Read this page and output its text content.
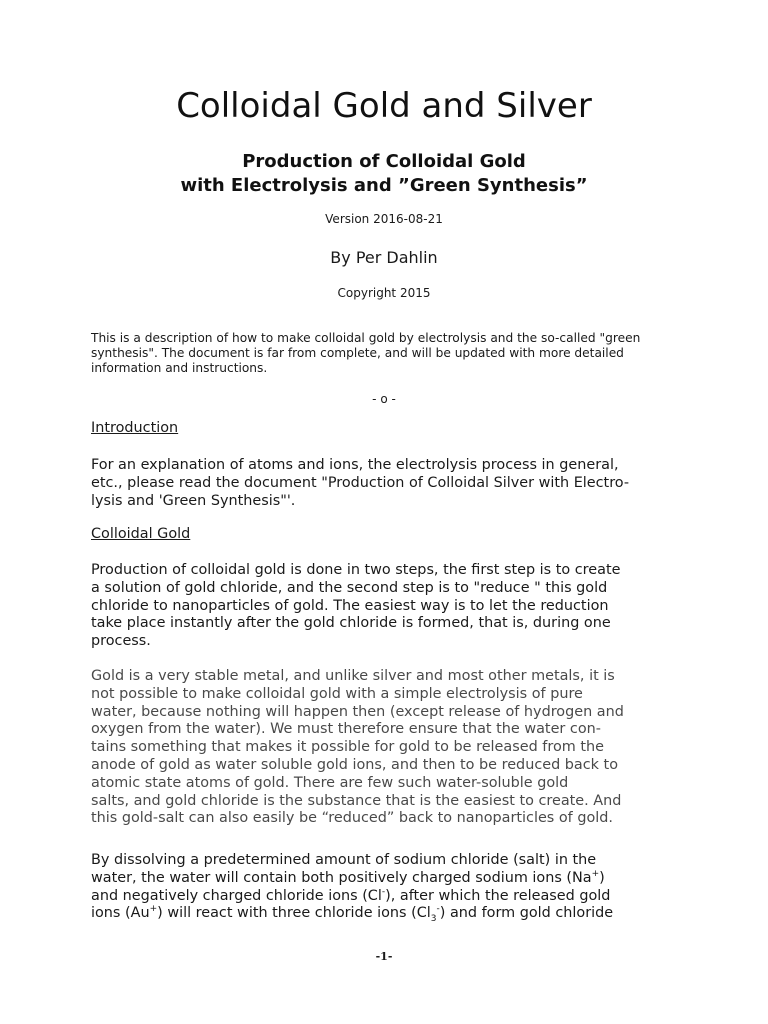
Colloidal Gold and Silver
Production of Colloidal Gold
with Electrolysis and ”Green Synthesis”
Version 2016-08-21
By Per Dahlin
Copyright 2015
This is a description of how to make colloidal gold by electrolysis and the so-called "green
synthesis". The document is far from complete, and will be updated with more detailed
information and instructions.
- o -
Introduction
For an explanation of atoms and ions, the electrolysis process in general,
etc., please read the document "Production of Colloidal Silver with Electro-
lysis and 'Green Synthesis"'.
Colloidal Gold
Production of colloidal gold is done in two steps, the first step is to create
a solution of gold chloride, and the second step is to "reduce " this gold
chloride to nanoparticles of gold. The easiest way is to let the reduction
take place instantly after the gold chloride is formed, that is, during one
process.
Gold is a very stable metal, and unlike silver and most other metals, it is
not possible to make colloidal gold with a simple electrolysis of pure
water, because nothing will happen then (except release of hydrogen and
oxygen from the water). We must therefore ensure that the water con-
tains something that makes it possible for gold to be released from the
anode of gold as water soluble gold ions, and then to be reduced back to
atomic state atoms of gold. There are few such water-soluble gold
salts, and gold chloride is the substance that is the easiest to create. And
this gold-salt can also easily be “reduced” back to nanoparticles of gold.
By dissolving a predetermined amount of sodium chloride (salt) in the
water, the water will contain both positively charged sodium ions (Na+)
and negatively charged chloride ions (Cl-), after which the released gold
ions (Au+) will react with three chloride ions $(Cl_3^-)$ and form gold chloride
-1-
